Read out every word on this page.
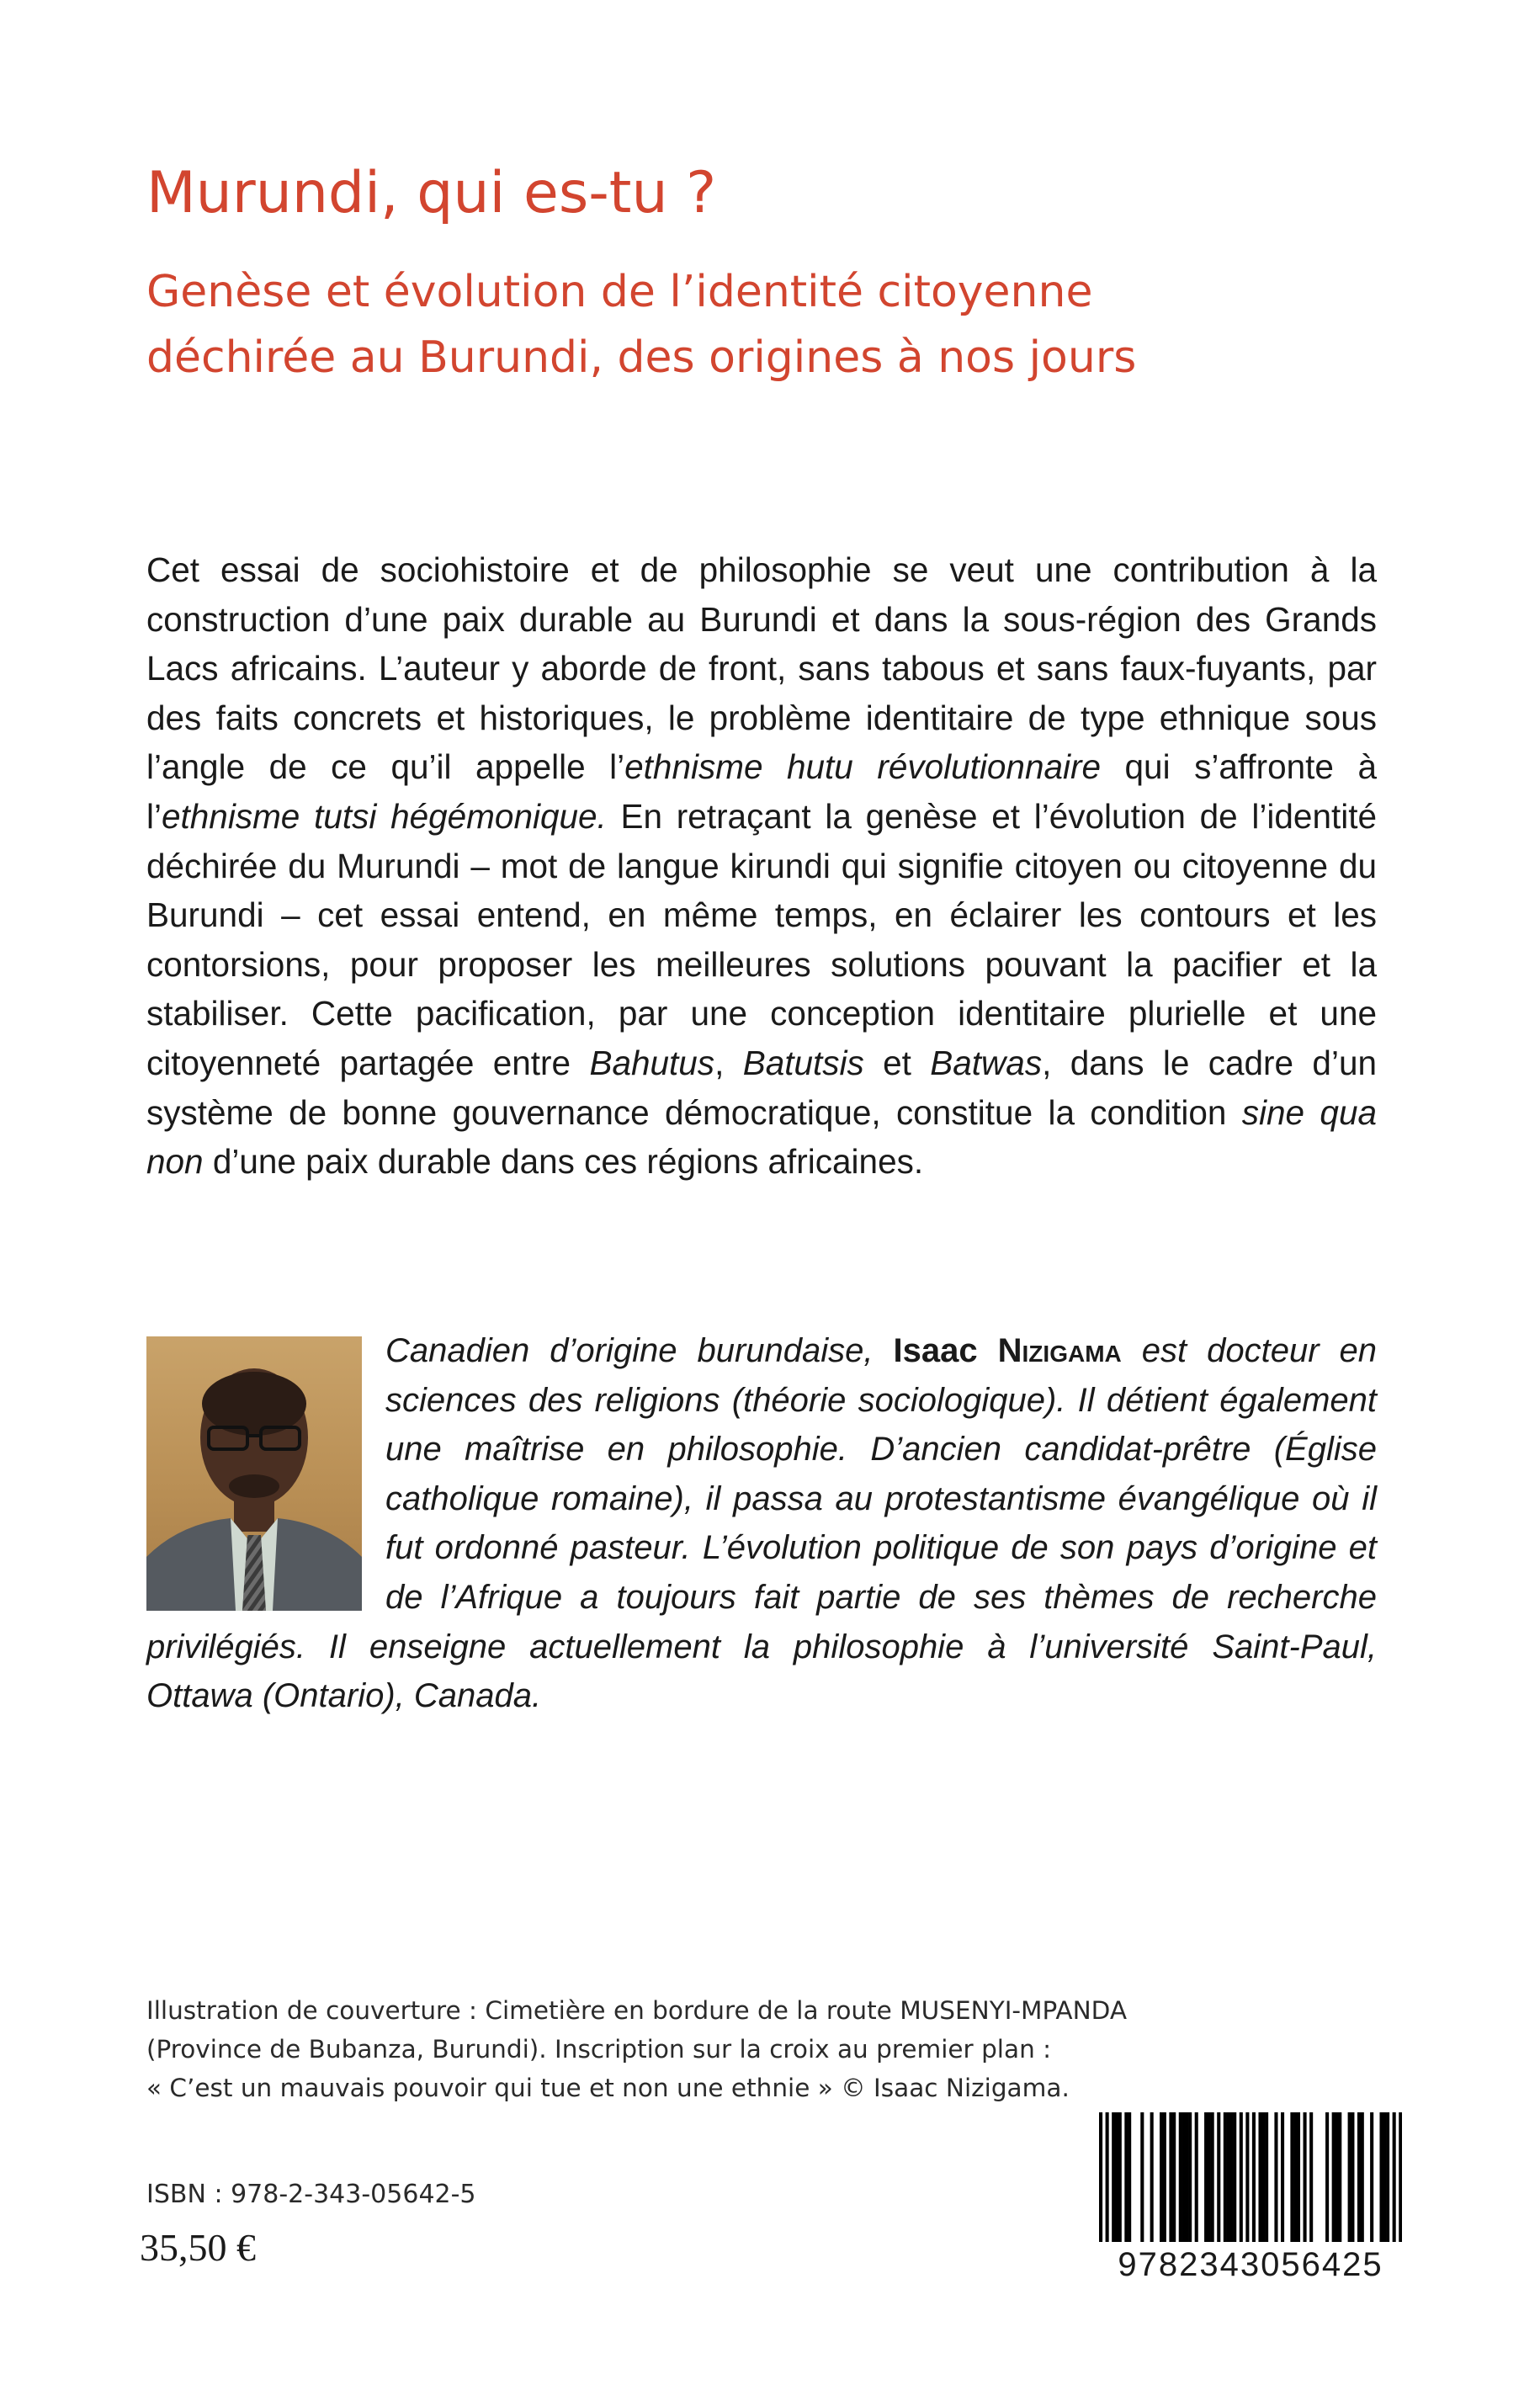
Murundi, qui es-tu ?
Genèse et évolution de l’identité citoyenne
déchirée au Burundi, des origines à nos jours

Cet essai de sociohistoire et de philosophie se veut une contribution à la construction d’une paix durable au Burundi et dans la sous-région des Grands Lacs africains. L’auteur y aborde de front, sans tabous et sans faux-fuyants, par des faits concrets et historiques, le problème identitaire de type ethnique sous l’angle de ce qu’il appelle l’ethnisme hutu révolutionnaire qui s’affronte à l’ethnisme tutsi hégémonique. En retraçant la genèse et l’évolution de l’identité déchirée du Murundi – mot de langue kirundi qui signifie citoyen ou citoyenne du Burundi – cet essai entend, en même temps, en éclairer les contours et les contorsions, pour proposer les meilleures solutions pouvant la pacifier et la stabiliser. Cette pacification, par une conception identitaire plurielle et une citoyenneté partagée entre Bahutus, Batutsis et Batwas, dans le cadre d’un système de bonne gouvernance démocratique, constitue la condition sine qua non d’une paix durable dans ces régions africaines.

Canadien d’origine burundaise, Isaac Nizigama est docteur en sciences des religions (théorie sociologique). Il détient également une maîtrise en philosophie. D’ancien candidat-prêtre (Église catholique romaine), il passa au protestantisme évangélique où il fut ordonné pasteur. L’évolution politique de son pays d’origine et de l’Afrique a toujours fait partie de ses thèmes de recherche privilégiés. Il enseigne actuellement la philosophie à l’université Saint-Paul, Ottawa (Ontario), Canada.
Illustration de couverture : Cimetière en bordure de la route MUSENYI-MPANDA
(Province de Bubanza, Burundi). Inscription sur la croix au premier plan :
« C’est un mauvais pouvoir qui tue et non une ethnie » © Isaac Nizigama.
ISBN : 978-2-343-05642-5
35,50 €	9782343056425
